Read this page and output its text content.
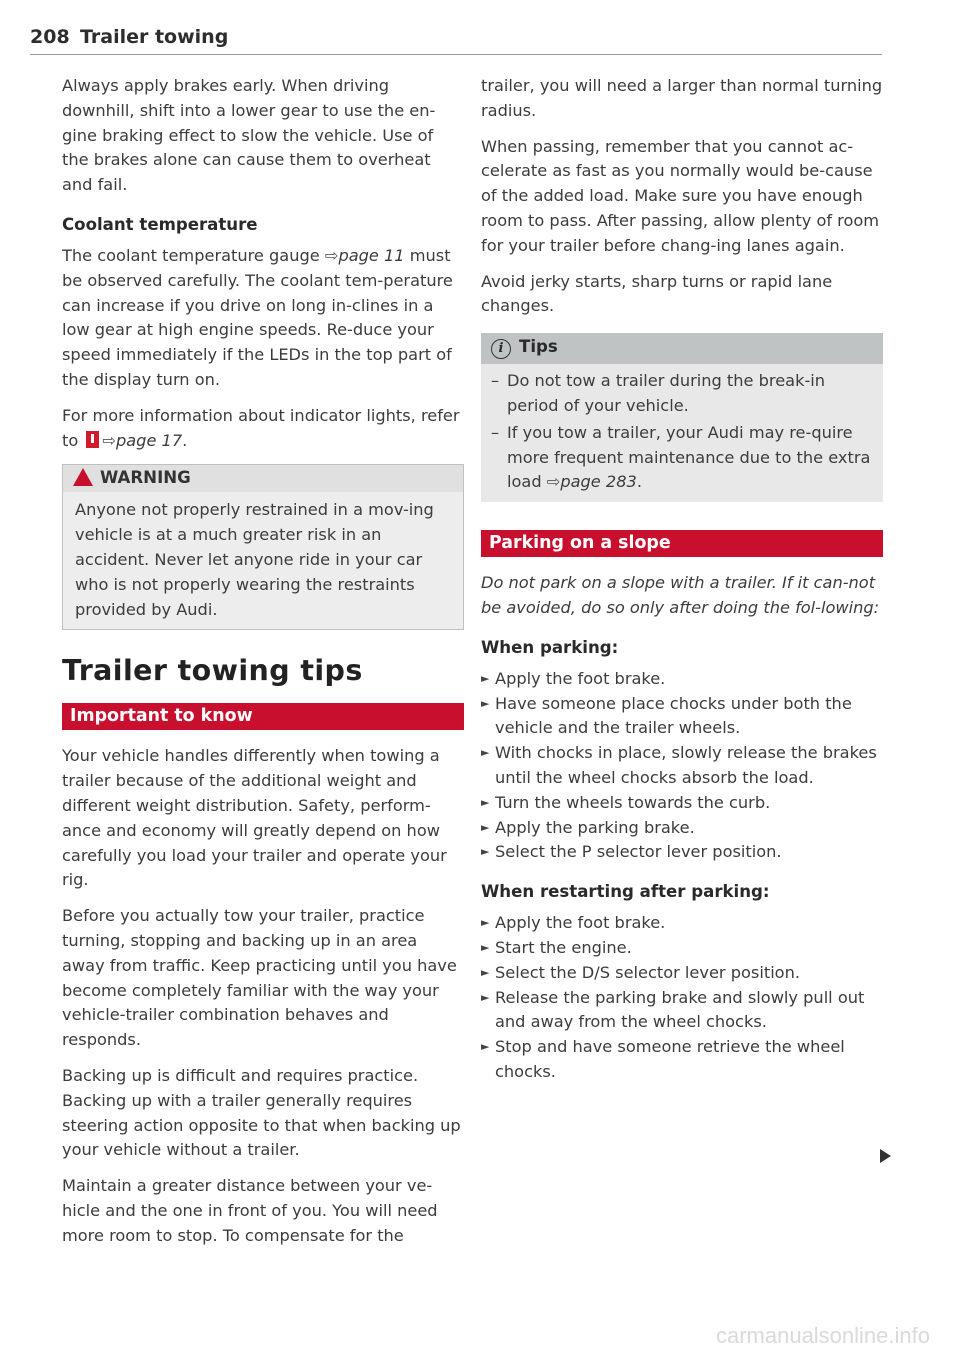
208 Trailer towing

Always apply brakes early. When driving downhill, shift into a lower gear to use the en-gine braking effect to slow the vehicle. Use of the brakes alone can cause them to overheat and fail.

Coolant temperature

The coolant temperature gauge ⇨page 11 must be observed carefully. The coolant tem-perature can increase if you drive on long in-clines in a low gear at high engine speeds. Re-duce your speed immediately if the LEDs in the top part of the display turn on.

For more information about indicator lights, refer to ⇨page 17.

WARNING

Anyone not properly restrained in a mov-ing vehicle is at a much greater risk in an accident. Never let anyone ride in your car who is not properly wearing the restraints provided by Audi.

Trailer towing tips
Important to know

Your vehicle handles differently when towing a trailer because of the additional weight and different weight distribution. Safety, perform-ance and economy will greatly depend on how carefully you load your trailer and operate your rig.

Before you actually tow your trailer, practice turning, stopping and backing up in an area away from traffic. Keep practicing until you have become completely familiar with the way your vehicle-trailer combination behaves and responds.

Backing up is difficult and requires practice. Backing up with a trailer generally requires steering action opposite to that when backing up your vehicle without a trailer.

Maintain a greater distance between your ve-hicle and the one in front of you. You will need more room to stop. To compensate for the

trailer, you will need a larger than normal turning radius.

When passing, remember that you cannot ac-celerate as fast as you normally would be-cause of the added load. Make sure you have enough room to pass. After passing, allow plenty of room for your trailer before chang-ing lanes again.

Avoid jerky starts, sharp turns or rapid lane changes.

i Tips
– Do not tow a trailer during the break-in period of your vehicle.
– If you tow a trailer, your Audi may re-quire more frequent maintenance due to the extra load ⇨page 283.
Parking on a slope

Do not park on a slope with a trailer. If it can-not be avoided, do so only after doing the fol-lowing:

When parking:
► Apply the foot brake.
► Have someone place chocks under both the vehicle and the trailer wheels.
► With chocks in place, slowly release the brakes until the wheel chocks absorb the load.
► Turn the wheels towards the curb.
► Apply the parking brake.
► Select the P selector lever position.
When restarting after parking:
► Apply the foot brake.
► Start the engine.
► Select the D/S selector lever position.
► Release the parking brake and slowly pull out and away from the wheel chocks.
► Stop and have someone retrieve the wheel chocks.
carmanualsonline.info
